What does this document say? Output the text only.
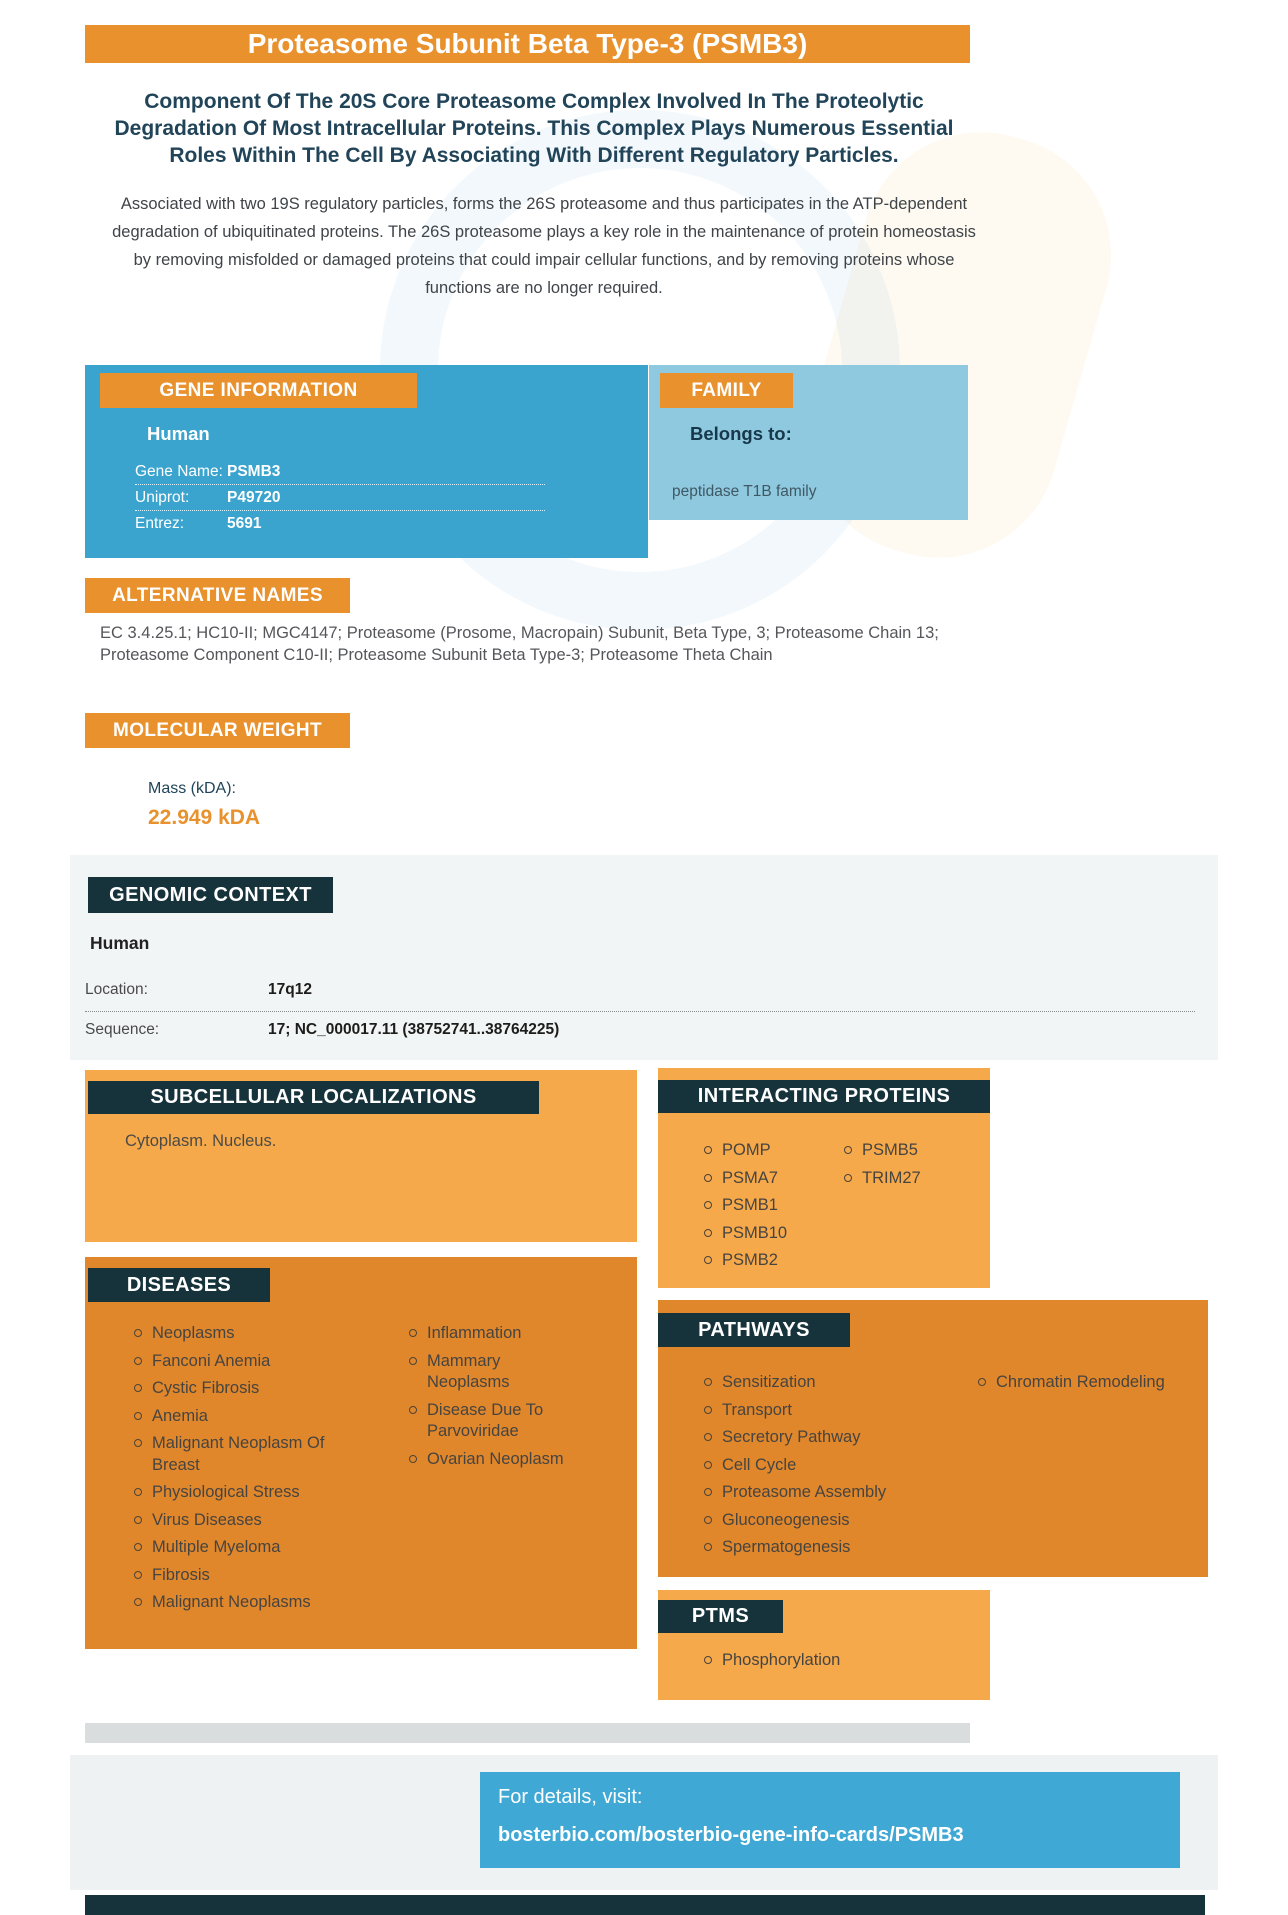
Proteasome Subunit Beta Type-3 (PSMB3)
Component Of The 20S Core Proteasome Complex Involved In The Proteolytic Degradation Of Most Intracellular Proteins. This Complex Plays Numerous Essential Roles Within The Cell By Associating With Different Regulatory Particles.
Associated with two 19S regulatory particles, forms the 26S proteasome and thus participates in the ATP-dependent degradation of ubiquitinated proteins. The 26S proteasome plays a key role in the maintenance of protein homeostasis by removing misfolded or damaged proteins that could impair cellular functions, and by removing proteins whose functions are no longer required.
GENE INFORMATION
Human
Gene Name: PSMB3
Uniprot:	P49720
Entrez:	5691
FAMILY
Belongs to:
peptidase T1B family
ALTERNATIVE NAMES
EC 3.4.25.1; HC10-II; MGC4147; Proteasome (Prosome, Macropain) Subunit, Beta Type, 3; Proteasome Chain 13; Proteasome Component C10-II; Proteasome Subunit Beta Type-3; Proteasome Theta Chain
MOLECULAR WEIGHT
Mass (kDA):
22.949 kDA
GENOMIC CONTEXT
Human
Location:	17q12
Sequence:	17; NC_000017.11 (38752741..38764225)
SUBCELLULAR LOCALIZATIONS
Cytoplasm. Nucleus.
INTERACTING PROTEINS
POMP
PSMA7
PSMB1
PSMB10
PSMB2
PSMB5
TRIM27
DISEASES
Neoplasms
Fanconi Anemia
Cystic Fibrosis
Anemia
Malignant Neoplasm Of Breast
Physiological Stress
Virus Diseases
Multiple Myeloma
Fibrosis
Malignant Neoplasms
Inflammation
Mammary Neoplasms
Disease Due To Parvoviridae
Ovarian Neoplasm
PATHWAYS
Sensitization
Transport
Secretory Pathway
Cell Cycle
Proteasome Assembly
Gluconeogenesis
Spermatogenesis
Chromatin Remodeling
PTMS
Phosphorylation
For details, visit:
bosterbio.com/bosterbio-gene-info-cards/PSMB3
